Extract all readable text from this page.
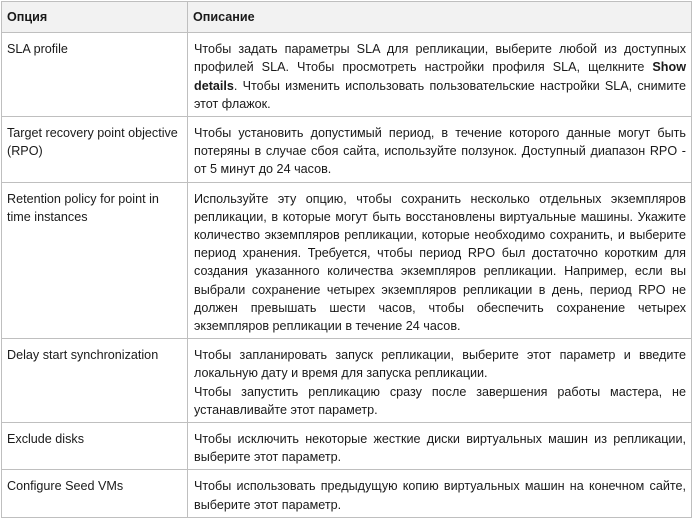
Опция	Описание
SLA profile	Чтобы задать параметры SLA для репликации, выберите любой из доступных профилей SLA. Чтобы просмотреть настройки профиля SLA, щелкните Show details. Чтобы изменить использовать пользовательские настройки SLA, снимите этот флажок.

Target recovery point objective (RPO)	Чтобы установить допустимый период, в течение которого данные могут быть потеряны в случае сбоя сайта, используйте ползунок. Доступный диапазон RPO - от 5 минут до 24 часов.

Retention policy for point in time instances	Используйте эту опцию, чтобы сохранить несколько отдельных экземпляров репликации, в которые могут быть восстановлены виртуальные машины. Укажите количество экземпляров репликации, которые необходимо сохранить, и выберите период хранения. Требуется, чтобы период RPO был достаточно коротким для создания указанного количества экземпляров репликации. Например, если вы выбрали сохранение четырех экземпляров репликации в день, период RPO не должен превышать шести часов, чтобы обеспечить сохранение четырех экземпляров репликации в течение 24 часов.

Delay start synchronization	Чтобы запланировать запуск репликации, выберите этот параметр и введите локальную дату и время для запуска репликации.

Чтобы запустить репликацию сразу после завершения работы мастера, не устанавливайте этот параметр.

Exclude disks	Чтобы исключить некоторые жесткие диски виртуальных машин из репликации, выберите этот параметр.

Configure Seed VMs	Чтобы использовать предыдущую копию виртуальных машин на конечном сайте, выберите этот параметр.
